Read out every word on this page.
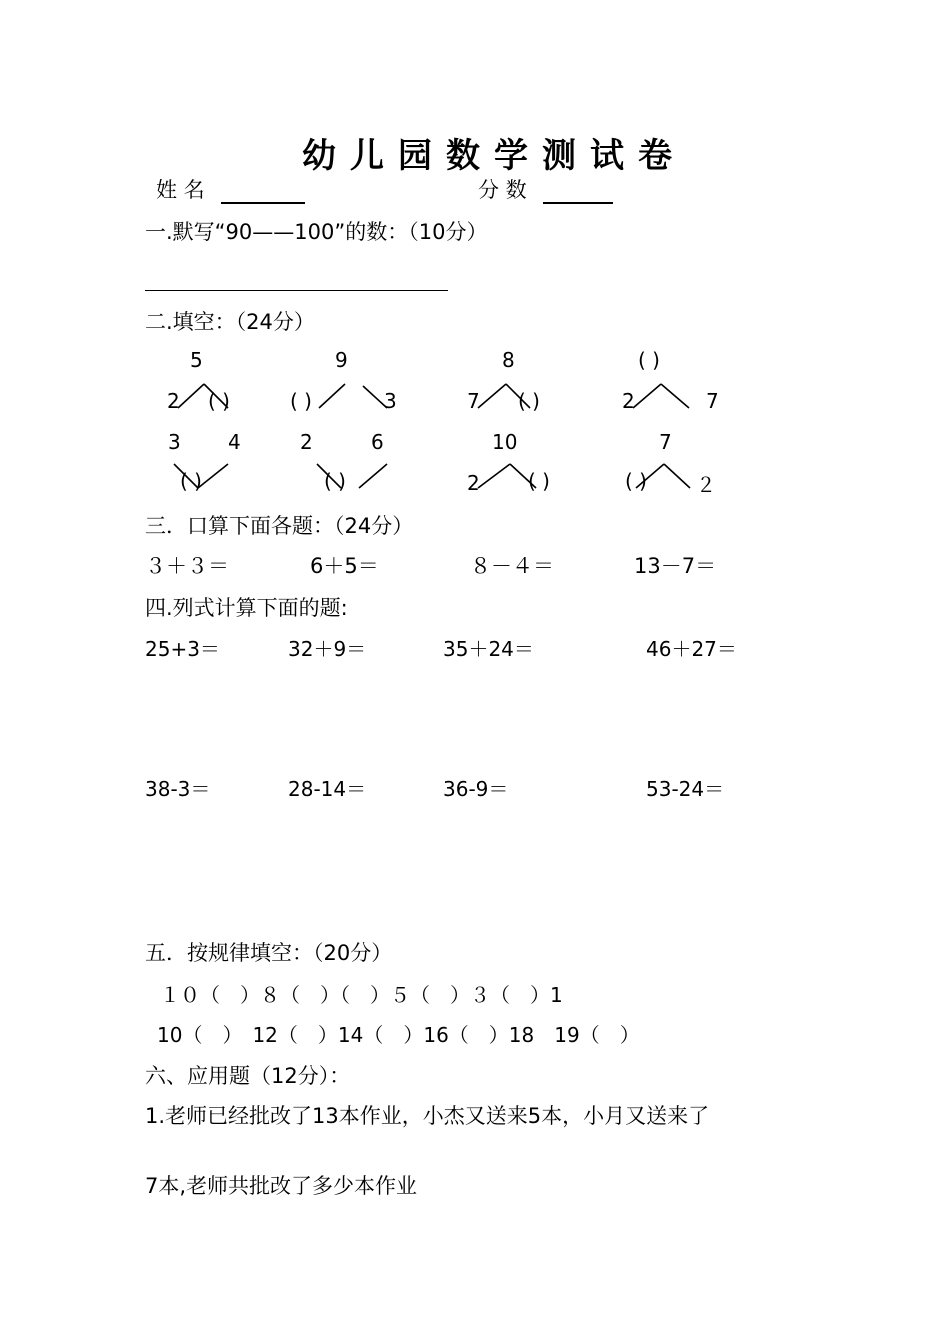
幼儿园数学测试卷
姓 名	分 数
一.默写“90——100”的数：（10分）
二.填空：（24分）
5
2 ( )
9
( )	3
8
7 ( )
( )
2	7
3 4
( )
2	6
( )
10
2 ( )
7
( ) ２
三．口算下面各题：（24分）
３＋３＝	6＋5＝	８－４＝	13－7＝
四.列式计算下面的题:
25+3＝	32＋9＝	35＋24＝	46＋27＝
38-3＝	28-14＝	36-9＝	53-24＝
五．按规律填空：（20分）
１０（　）８（　）（　）５（　）３（　）1
10（　）　12（　）14（　）16（　）18　19（　）
六、应用题（12分）：
1.老师已经批改了13本作业，小杰又送来5本，小月又送来了
7本,老师共批改了多少本作业
